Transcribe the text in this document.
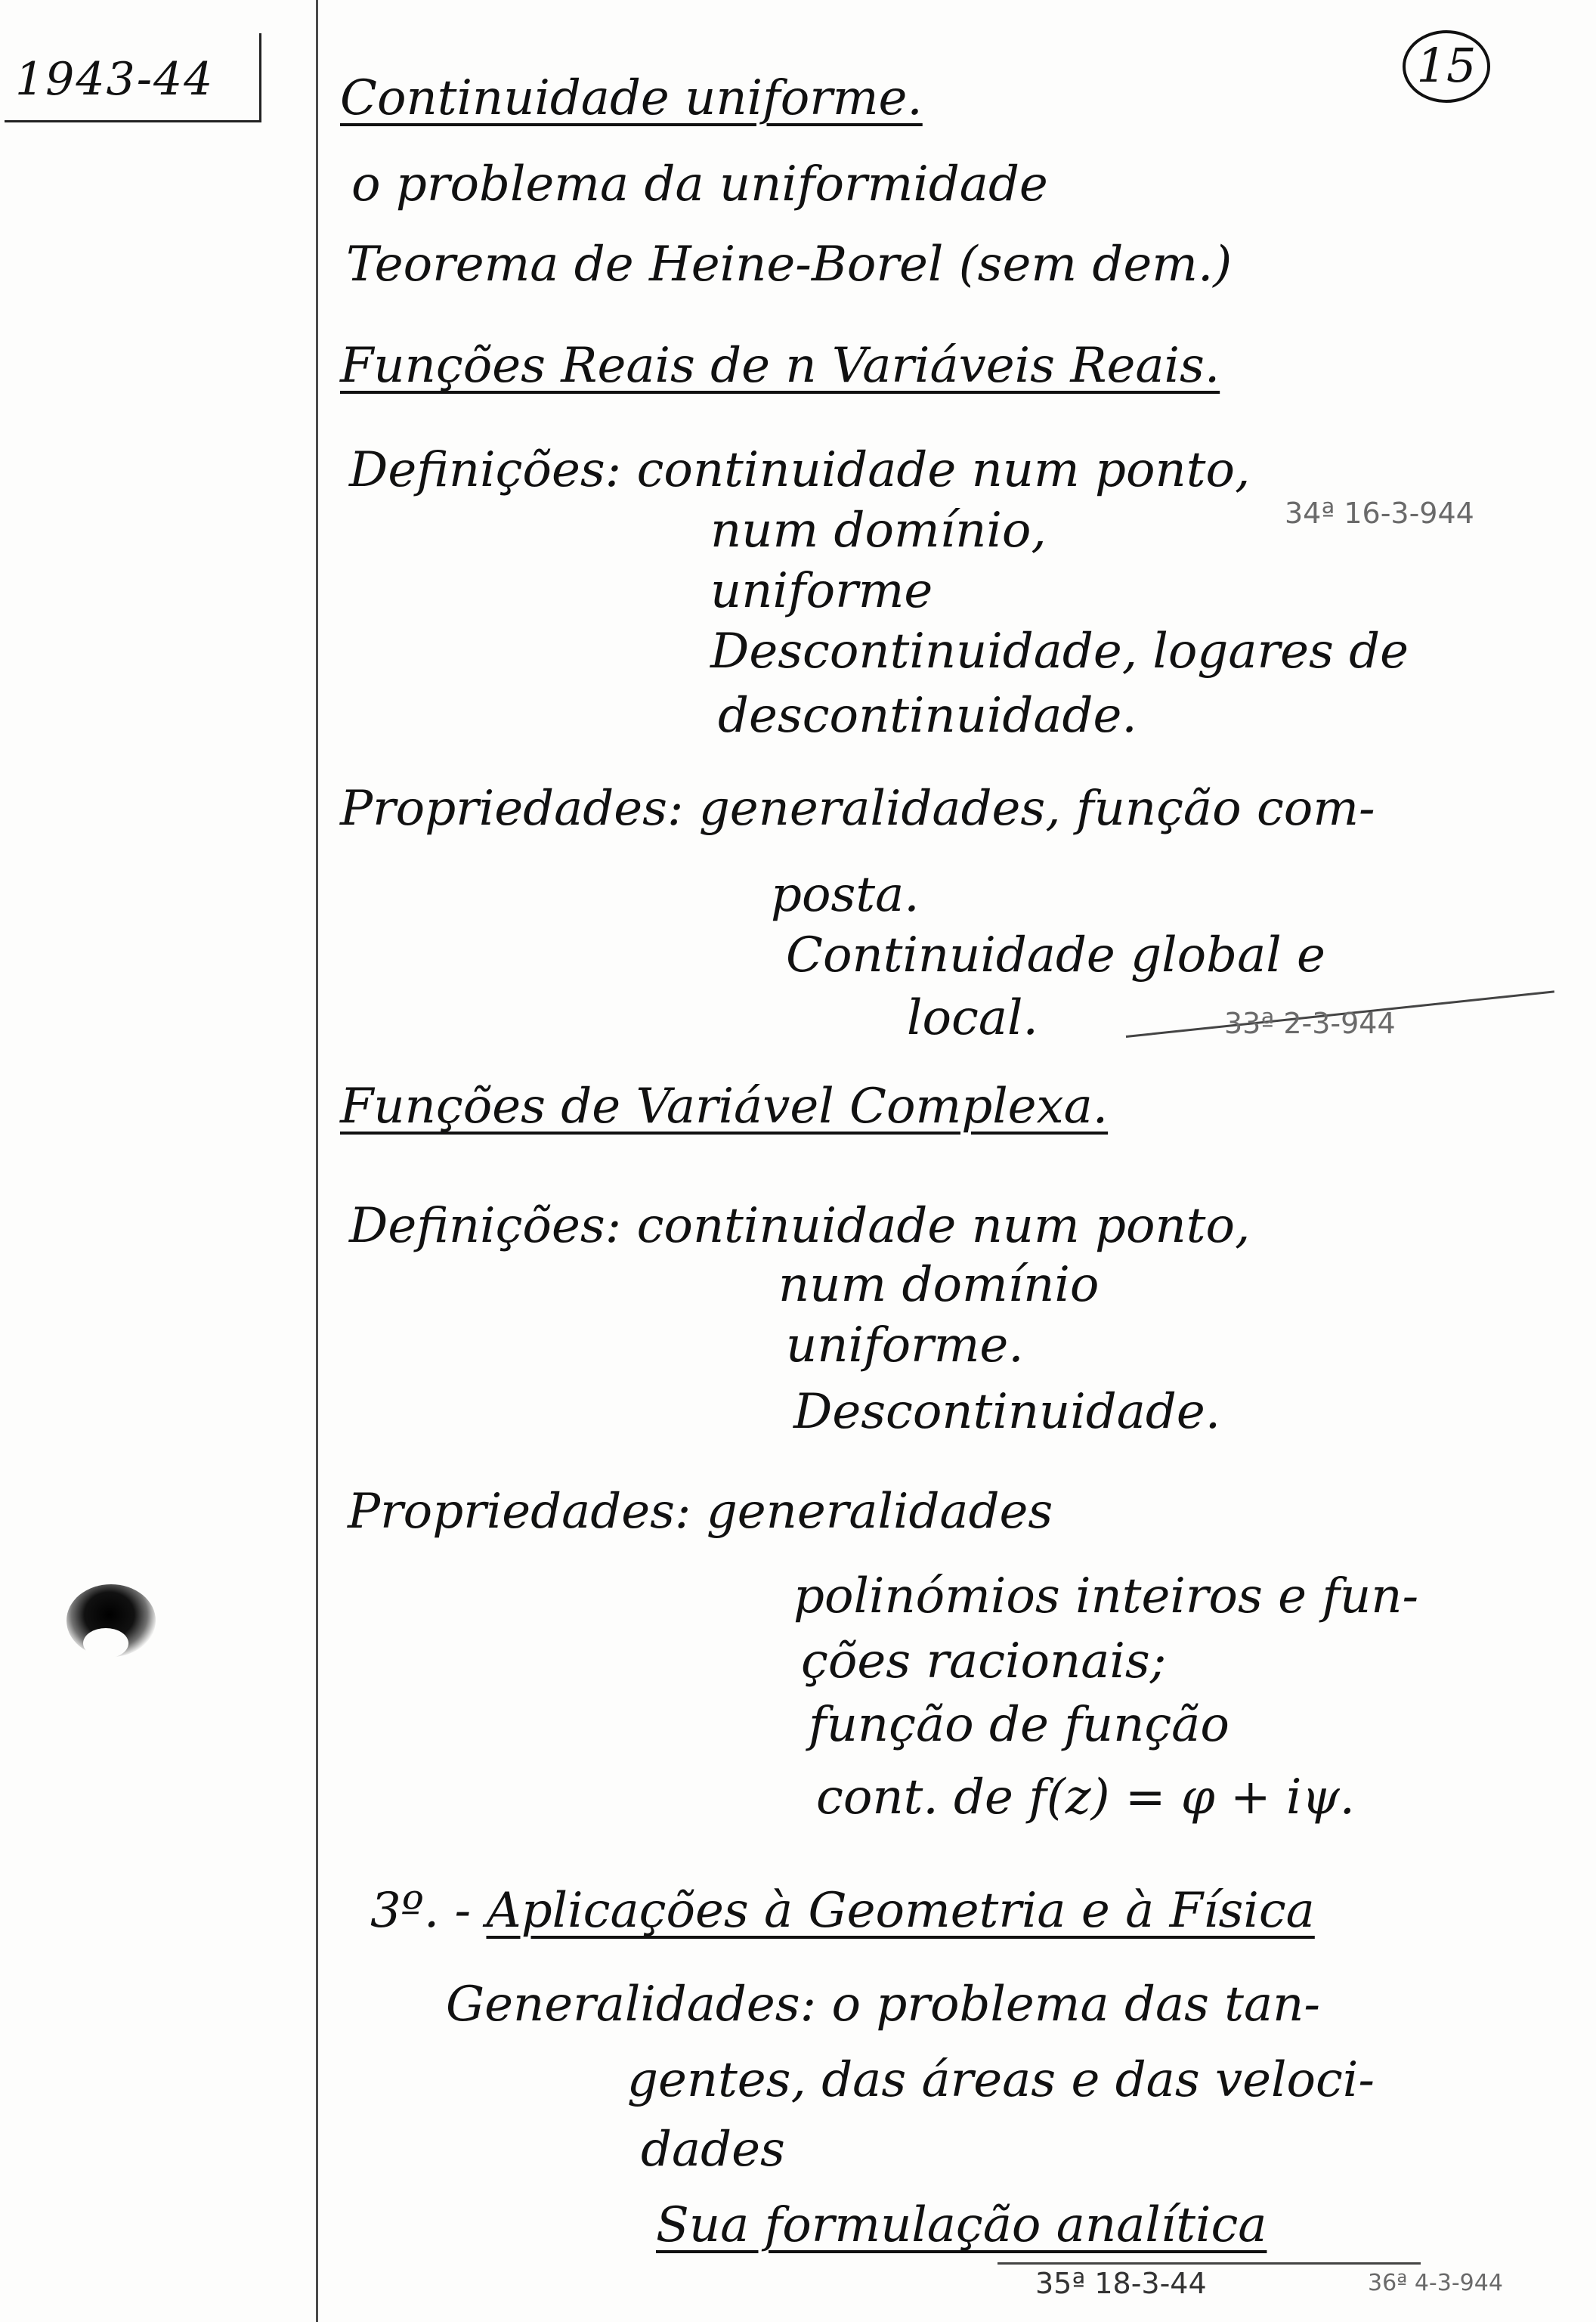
1943-44	15

Continuidade uniforme.

o problema da uniformidade

Teorema de Heine-Borel (sem dem.)

Funções Reais de n Variáveis Reais.

Definições: continuidade num ponto,

num domínio,	34ª 16-3-944

uniforme

Descontinuidade, logares de

descontinuidade.

Propriedades: generalidades, função com-

posta.

Continuidade global e

local.	33ª 2-3-944

Funções de Variável Complexa.

Definições: continuidade num ponto,

num domínio

uniforme.

Descontinuidade.

Propriedades: generalidades

polinómios inteiros e fun-

ções racionais;

função de função

cont. de f(z) = φ + iψ.

3º. - Aplicações à Geometria e à Física

Generalidades: o problema das tan-

gentes, das áreas e das veloci-

dades

Sua formulação analítica

35ª 18-3-44	36ª 4-3-944
